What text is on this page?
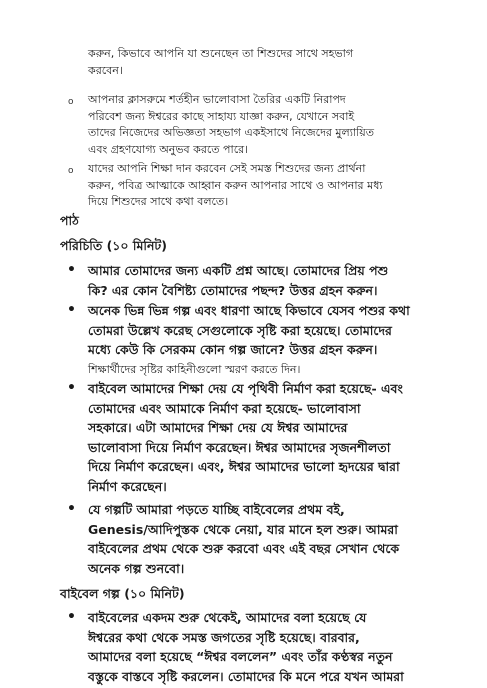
করুন, কিভাবে আপনি যা শুনেছেন তা শিশুদের সাথে সহভাগ
করবেন।
o	আপনার ক্লাসরুমে শর্তহীন ভালোবাসা তৈরির একটি নিরাপদ
পরিবেশ জন্য ঈশ্বরের কাছে সাহায্য যাজ্ঞা করুন, যেখানে সবাই
তাদের নিজেদের অভিজ্ঞতা সহভাগ একইসাথে নিজেদের মুল্যায়িত
এবং গ্রহণযোগ্য অনুভব করতে পারে।
o	যাদের আপনি শিক্ষা দান করবেন সেই সমস্ত শিশুদের জন্য প্রার্থনা
করুন, পবিত্র আত্মাকে আহ্বান করুন আপনার সাথে ও আপনার মধ্য
দিয়ে শিশুদের সাথে কথা বলতে।
পাঠ
পরিচিতি (১০ মিনিট)
• আমার তোমাদের জন্য একটি প্রশ্ন আছে। তোমাদের প্রিয় পশু
কি? এর কোন বৈশিষ্ট্য তোমাদের পছন্দ? উত্তর গ্রহন করুন।
• অনেক ভিন্ন ভিন্ন গল্প এবং ধারণা আছে কিভাবে যেসব পশুর কথা
তোমরা উল্লেখ করেছ সেগুলোকে সৃষ্টি করা হয়েছে। তোমাদের
মধ্যে কেউ কি সেরকম কোন গল্প জানে? উত্তর গ্রহন করুন।
শিক্ষার্থীদের সৃষ্টির কাহিনীগুলো স্মরণ করতে দিন।
• বাইবেল আমাদের শিক্ষা দেয় যে পৃথিবী নির্মাণ করা হয়েছে- এবং
তোমাদের এবং আমাকে নির্মাণ করা হয়েছে- ভালোবাসা
সহকারে। এটা আমাদের শিক্ষা দেয় যে ঈশ্বর আমাদের
ভালোবাসা দিয়ে নির্মাণ করেছেন। ঈশ্বর আমাদের সৃজনশীলতা
দিয়ে নির্মাণ করেছেন। এবং, ঈশ্বর আমাদের ভালো হৃদয়ের দ্বারা
নির্মাণ করেছেন।
• যে গল্পটি আমারা পড়তে যাচ্ছি বাইবেলের প্রথম বই,
Genesis/আদিপুস্তক থেকে নেয়া, যার মানে হল শুরু। আমরা
বাইবেলের প্রথম থেকে শুরু করবো এবং এই বছর সেখান থেকে
অনেক গল্প শুনবো।
বাইবেল গল্প (১০ মিনিট)
• বাইবেলের একদম শুরু থেকেই, আমাদের বলা হয়েছে যে
ঈশ্বরের কথা থেকে সমস্ত জগতের সৃষ্টি হয়েছে। বারবার,
আমাদের বলা হয়েছে “ঈশ্বর বললেন” এবং তাঁর কণ্ঠস্বর নতুন
বস্তুকে বাস্তবে সৃষ্টি করলেন। তোমাদের কি মনে পরে যখন আমরা
